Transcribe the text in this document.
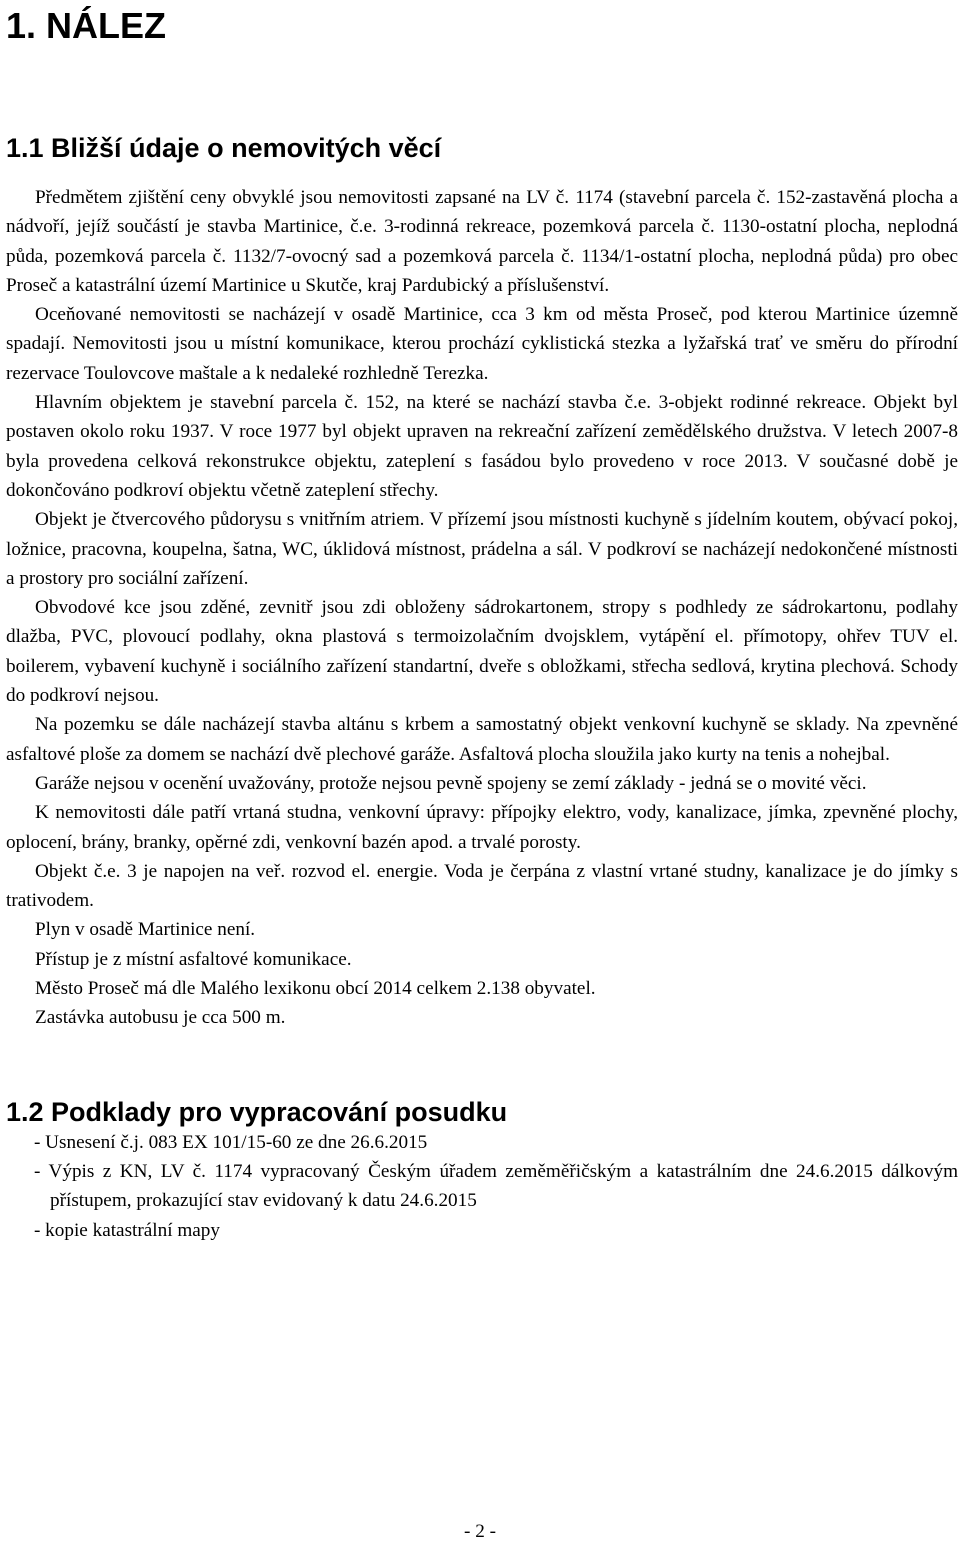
1. NÁLEZ
1.1 Bližší údaje o nemovitých věcí

Předmětem zjištění ceny obvyklé jsou nemovitosti zapsané na LV č. 1174 (stavební parcela č. 152-zastavěná plocha a nádvoří, jejíž součástí je stavba Martinice, č.e. 3-rodinná rekreace, pozemková parcela č. 1130-ostatní plocha, neplodná půda, pozemková parcela č. 1132/7-ovocný sad a pozemková parcela č. 1134/1-ostatní plocha, neplodná půda) pro obec Proseč a katastrální území Martinice u Skutče, kraj Pardubický a příslušenství.

Oceňované nemovitosti se nacházejí v osadě Martinice, cca 3 km od města Proseč, pod kterou Martinice územně spadají. Nemovitosti jsou u místní komunikace, kterou prochází cyklistická stezka a lyžařská trať ve směru do přírodní rezervace Toulovcove maštale a k nedaleké rozhledně Terezka.

Hlavním objektem je stavební parcela č. 152, na které se nachází stavba č.e. 3-objekt rodinné rekreace. Objekt byl postaven okolo roku 1937. V roce 1977 byl objekt upraven na rekreační zařízení zemědělského družstva. V letech 2007-8 byla provedena celková rekonstrukce objektu, zateplení s fasádou bylo provedeno v roce 2013. V současné době je dokončováno podkroví objektu včetně zateplení střechy.

Objekt je čtvercového půdorysu s vnitřním atriem. V přízemí jsou místnosti kuchyně s jídelním koutem, obývací pokoj, ložnice, pracovna, koupelna, šatna, WC, úklidová místnost, prádelna a sál. V podkroví se nacházejí nedokončené místnosti a prostory pro sociální zařízení.

Obvodové kce jsou zděné, zevnitř jsou zdi obloženy sádrokartonem, stropy s podhledy ze sádrokartonu, podlahy dlažba, PVC, plovoucí podlahy, okna plastová s termoizolačním dvojsklem, vytápění el. přímotopy, ohřev TUV el. boilerem, vybavení kuchyně i sociálního zařízení standartní, dveře s obložkami, střecha sedlová, krytina plechová. Schody do podkroví nejsou.

Na pozemku se dále nacházejí stavba altánu s krbem a samostatný objekt venkovní kuchyně se sklady. Na zpevněné asfaltové ploše za domem se nachází dvě plechové garáže. Asfaltová plocha sloužila jako kurty na tenis a nohejbal.

Garáže nejsou v ocenění uvažovány, protože nejsou pevně spojeny se zemí základy - jedná se o movité věci.

K nemovitosti dále patří vrtaná studna, venkovní úpravy: přípojky elektro, vody, kanalizace, jímka, zpevněné plochy, oplocení, brány, branky, opěrné zdi, venkovní bazén apod. a trvalé porosty.

Objekt č.e. 3 je napojen na veř. rozvod el. energie. Voda je čerpána z vlastní vrtané studny, kanalizace je do jímky s trativodem.

Plyn v osadě Martinice není.

Přístup je z místní asfaltové komunikace.

Město Proseč má dle Malého lexikonu obcí 2014 celkem 2.138 obyvatel.

Zastávka autobusu je cca 500 m.

1.2 Podklady pro vypracování posudku
- Usnesení č.j. 083 EX 101/15-60 ze dne 26.6.2015
- Výpis z KN, LV č. 1174 vypracovaný Českým úřadem zeměměřičským a katastrálním dne 24.6.2015 dálkovým přístupem, prokazující stav evidovaný k datu 24.6.2015
- kopie katastrální mapy
- 2 -
